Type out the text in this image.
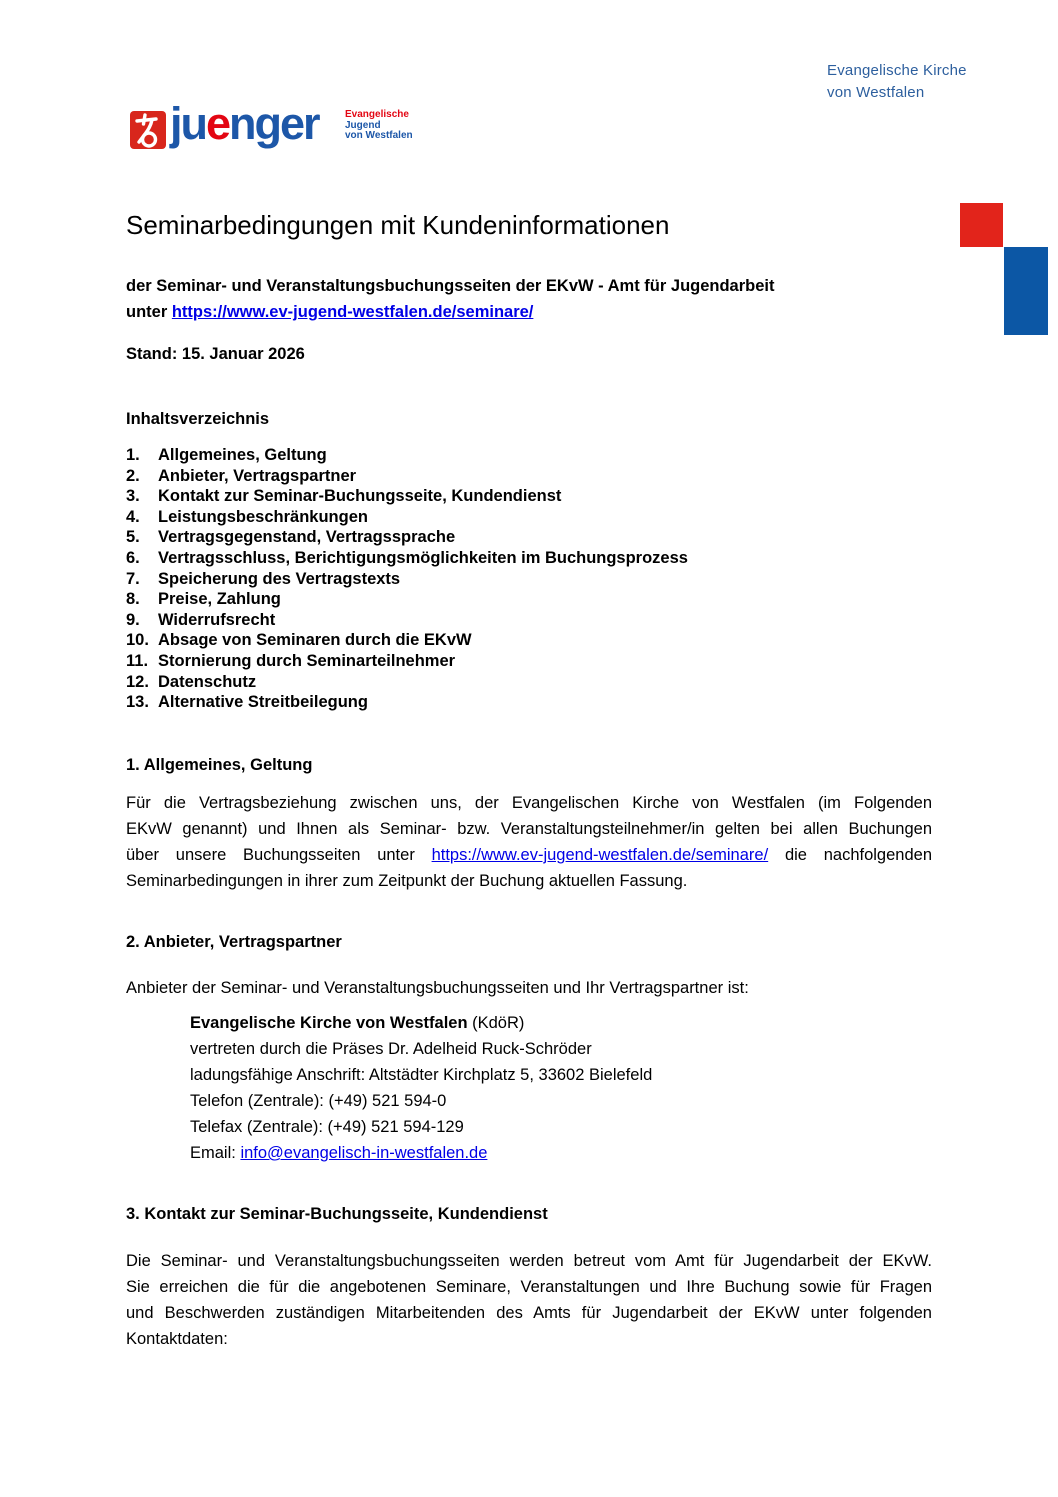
Evangelische Kirche
von Westfalen
juenger	Evangelische
Jugend
von Westfalen
Seminarbedingungen mit Kundeninformationen
der Seminar- und Veranstaltungsbuchungsseiten der EKvW - Amt für Jugendarbeit
unter https://www.ev-jugend-westfalen.de/seminare/
Stand: 15. Januar 2026
Inhaltsverzeichnis
1.	Allgemeines, Geltung
2.	Anbieter, Vertragspartner
3.	Kontakt zur Seminar-Buchungsseite, Kundendienst
4.	Leistungsbeschränkungen
5.	Vertragsgegenstand, Vertragssprache
6.	Vertragsschluss, Berichtigungsmöglichkeiten im Buchungsprozess
7.	Speicherung des Vertragstexts
8.	Preise, Zahlung
9.	Widerrufsrecht
10. Absage von Seminaren durch die EKvW
11. Stornierung durch Seminarteilnehmer
12. Datenschutz
13. Alternative Streitbeilegung
1. Allgemeines, Geltung
Für die Vertragsbeziehung zwischen uns, der Evangelischen Kirche von Westfalen (im Folgenden
EKvW genannt) und Ihnen als Seminar- bzw. Veranstaltungsteilnehmer/in gelten bei allen Buchungen
über unsere Buchungsseiten unter https://www.ev-jugend-westfalen.de/seminare/ die nachfolgenden
Seminarbedingungen in ihrer zum Zeitpunkt der Buchung aktuellen Fassung.
2. Anbieter, Vertragspartner
Anbieter der Seminar- und Veranstaltungsbuchungsseiten und Ihr Vertragspartner ist:
Evangelische Kirche von Westfalen (KdöR)
vertreten durch die Präses Dr. Adelheid Ruck-Schröder
ladungsfähige Anschrift: Altstädter Kirchplatz 5, 33602 Bielefeld
Telefon (Zentrale): (+49) 521 594-0
Telefax (Zentrale): (+49) 521 594-129
Email: info@evangelisch-in-westfalen.de
3. Kontakt zur Seminar-Buchungsseite, Kundendienst
Die Seminar- und Veranstaltungsbuchungsseiten werden betreut vom Amt für Jugendarbeit der EKvW.
Sie erreichen die für die angebotenen Seminare, Veranstaltungen und Ihre Buchung sowie für Fragen
und Beschwerden zuständigen Mitarbeitenden des Amts für Jugendarbeit der EKvW unter folgenden
Kontaktdaten:
